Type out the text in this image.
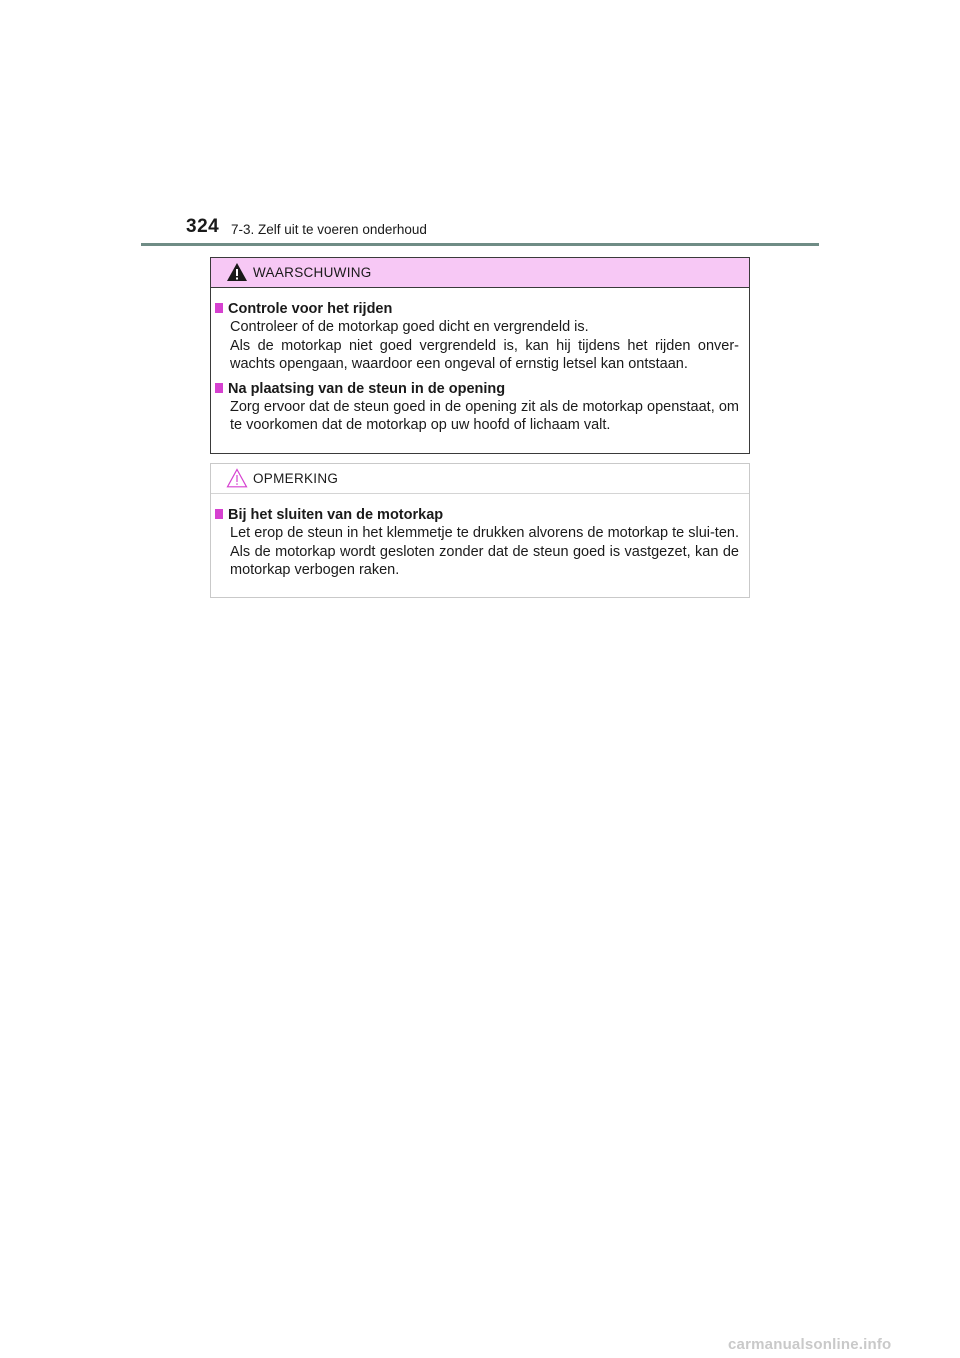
324 7-3. Zelf uit te voeren onderhoud
WAARSCHUWING
Controle voor het rijden

Controleer of de motorkap goed dicht en vergrendeld is.

Als de motorkap niet goed vergrendeld is, kan hij tijdens het rijden onver-wachts opengaan, waardoor een ongeval of ernstig letsel kan ontstaan.

Na plaatsing van de steun in de opening

Zorg ervoor dat de steun goed in de opening zit als de motorkap openstaat, om te voorkomen dat de motorkap op uw hoofd of lichaam valt.

OPMERKING
Bij het sluiten van de motorkap

Let erop de steun in het klemmetje te drukken alvorens de motorkap te slui-ten. Als de motorkap wordt gesloten zonder dat de steun goed is vastgezet, kan de motorkap verbogen raken.

carmanualsonline.info
